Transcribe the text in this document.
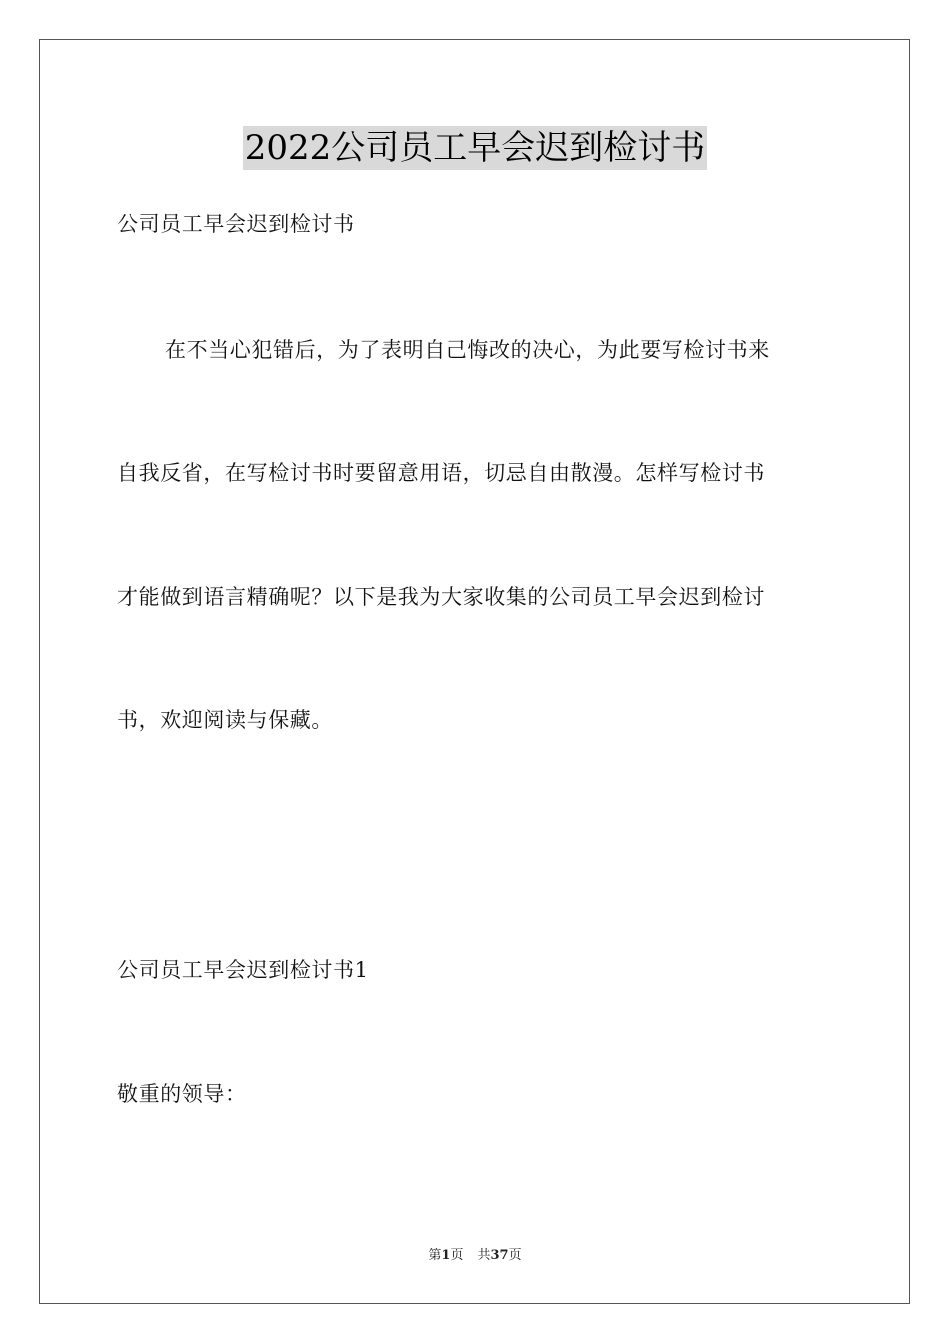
2022公司员工早会迟到检讨书
公司员工早会迟到检讨书
在不当心犯错后，为了表明自己悔改的决心，为此要写检讨书来
自我反省，在写检讨书时要留意用语，切忌自由散漫。怎样写检讨书
才能做到语言精确呢？以下是我为大家收集的公司员工早会迟到检讨
书，欢迎阅读与保藏。
公司员工早会迟到检讨书1
敬重的领导：
第1页 共37页
